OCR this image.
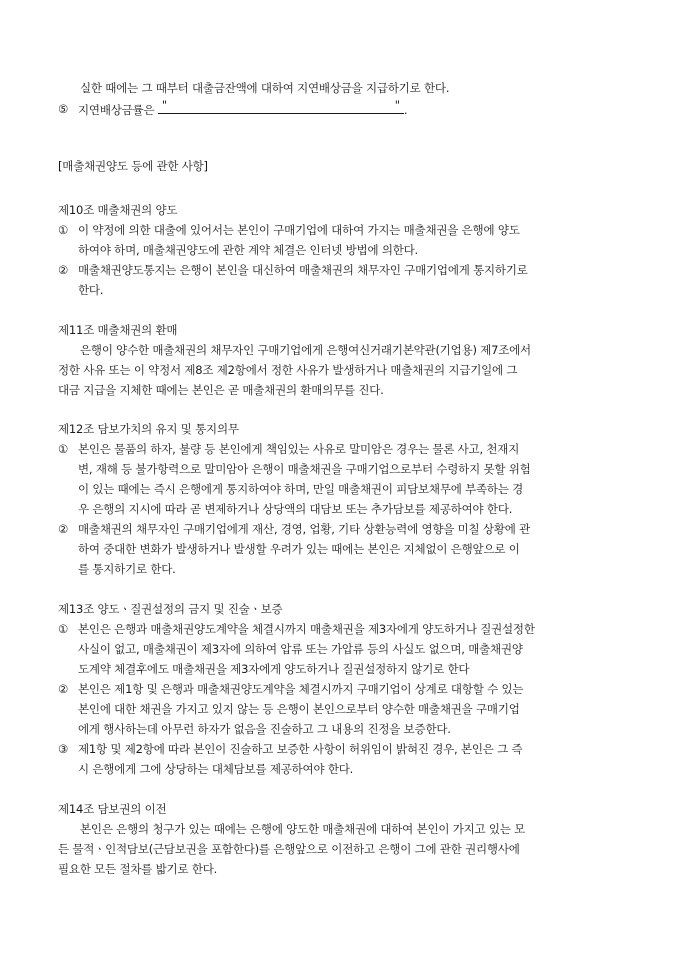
실한 때에는 그 때부터 대출금잔액에 대하여 지연배상금을 지급하기로 한다.
⑤ 지연배상금률은 "	" .
[매출채권양도 등에 관한 사항]
제10조 매출채권의 양도
① 이 약정에 의한 대출에 있어서는 본인이 구매기업에 대하여 가지는 매출채권을 은행에 양도
하여야 하며, 매출채권양도에 관한 계약 체결은 인터넷 방법에 의한다.
② 매출채권양도통지는 은행이 본인을 대신하여 매출채권의 채무자인 구매기업에게 통지하기로
한다.
제11조 매출채권의 환매
은행이 양수한 매출채권의 채무자인 구매기업에게 은행여신거래기본약관(기업용) 제7조에서
정한 사유 또는 이 약정서 제8조 제2항에서 정한 사유가 발생하거나 매출채권의 지급기일에 그
대금 지급을 지체한 때에는 본인은 곧 매출채권의 환매의무를 진다.
제12조 담보가치의 유지 및 통지의무
① 본인은 물품의 하자, 불량 등 본인에게 책임있는 사유로 말미암은 경우는 물론 사고, 천재지
변, 재해 등 불가항력으로 말미암아 은행이 매출채권을 구매기업으로부터 수령하지 못할 위험
이 있는 때에는 즉시 은행에게 통지하여야 하며, 만일 매출채권이 피담보채무에 부족하는 경
우 은행의 지시에 따라 곧 변제하거나 상당액의 대담보 또는 추가담보를 제공하여야 한다.
② 매출채권의 채무자인 구매기업에게 재산, 경영, 업황, 기타 상환능력에 영향을 미칠 상황에 관
하여 중대한 변화가 발생하거나 발생할 우려가 있는 때에는 본인은 지체없이 은행앞으로 이
를 통지하기로 한다.
제13조 양도ㆍ질권설정의 금지 및 진술ㆍ보증
① 본인은 은행과 매출채권양도계약을 체결시까지 매출채권을 제3자에게 양도하거나 질권설정한
사실이 없고, 매출채권이 제3자에 의하여 압류 또는 가압류 등의 사실도 없으며, 매출채권양
도계약 체결후에도 매출채권을 제3자에게 양도하거나 질권설정하지 않기로 한다
② 본인은 제1항 및 은행과 매출채권양도계약을 체결시까지 구매기업이 상계로 대항할 수 있는
본인에 대한 채권을 가지고 있지 않는 등 은행이 본인으로부터 양수한 매출채권을 구매기업
에게 행사하는데 아무런 하자가 없음을 진술하고 그 내용의 진정을 보증한다.
③ 제1항 및 제2항에 따라 본인이 진술하고 보증한 사항이 허위임이 밝혀진 경우, 본인은 그 즉
시 은행에게 그에 상당하는 대체담보를 제공하여야 한다.
제14조 담보권의 이전
본인은 은행의 청구가 있는 때에는 은행에 양도한 매출채권에 대하여 본인이 가지고 있는 모
든 물적ㆍ인적담보(근담보권을 포함한다)를 은행앞으로 이전하고 은행이 그에 관한 권리행사에
필요한 모든 절차를 밟기로 한다.
